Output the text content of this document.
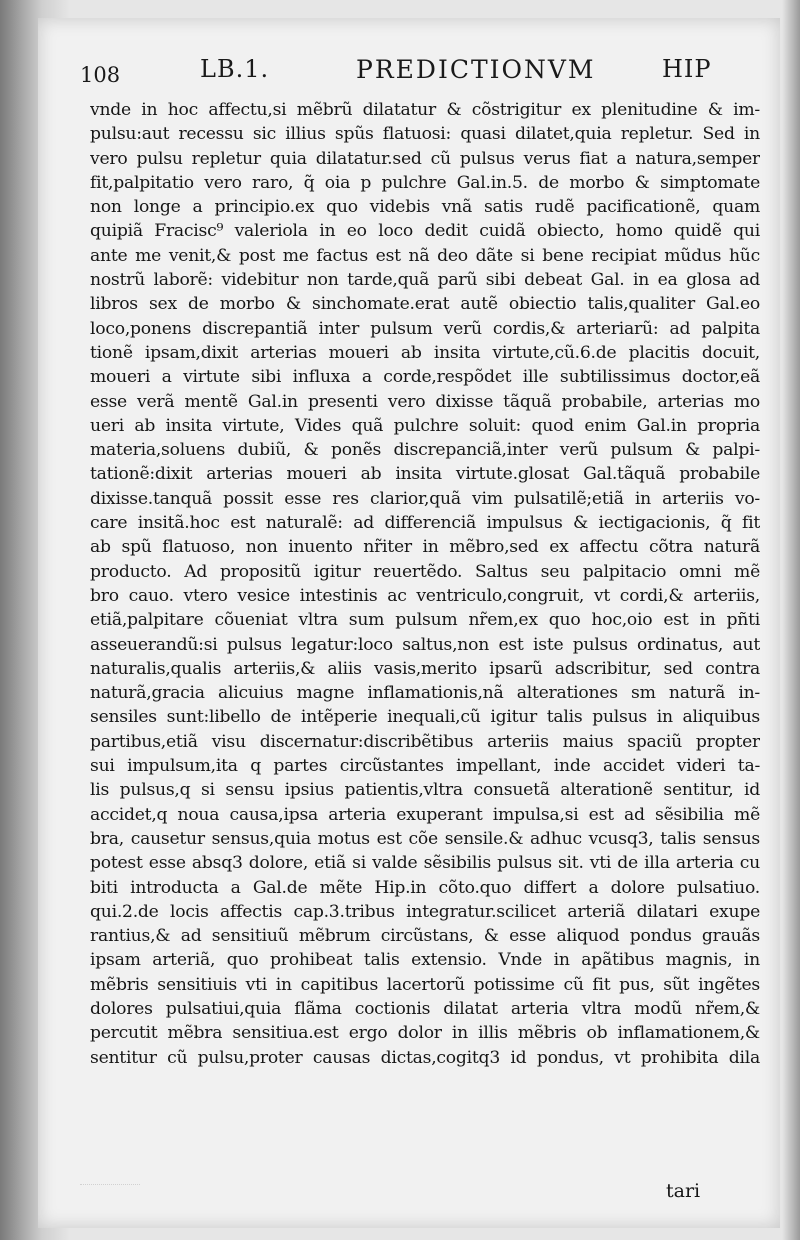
108	LB.1.	PREDICTIONVM	HIP
vnde in hoc affectu,si mẽbrũ dilatatur & cõstrigitur ex plenitudine & im-
pulsu:aut recessu sic illius spũs flatuosi: quasi dilatet,quia repletur. Sed in
vero pulsu repletur quia dilatatur.sed cũ pulsus verus fiat a natura,semper
fit,palpitatio vero raro, q̃ oia p pulchre Gal.in.5. de morbo & simptomate
non longe a principio.ex quo videbis vnã satis rudẽ pacificationẽ, quam
quipiã Fracisc⁹ valeriola in eo loco dedit cuidã obiecto, homo quidẽ qui
ante me venit,& post me factus est nã deo dãte si bene recipiat mũdus hũc
nostrũ laborẽ: videbitur non tarde,quã parũ sibi debeat Gal. in ea glosa ad
libros sex de morbo & sinchomate.erat autẽ obiectio talis,qualiter Gal.eo
loco,ponens discrepantiã inter pulsum verũ cordis,& arteriarũ: ad palpita
tionẽ ipsam,dixit arterias moueri ab insita virtute,cũ.6.de placitis docuit,
moueri a virtute sibi influxa a corde,respõdet ille subtilissimus doctor,eã
esse verã mentẽ Gal.in presenti vero dixisse tãquã probabile, arterias mo
ueri ab insita virtute, Vides quã pulchre soluit: quod enim Gal.in propria
materia,soluens dubiũ, & ponẽs discrepanciã,inter verũ pulsum & palpi-
tationẽ:dixit arterias moueri ab insita virtute.glosat Gal.tãquã probabile
dixisse.tanquã possit esse res clarior,quã vim pulsatilẽ;etiã in arteriis vo-
care insitã.hoc est naturalẽ: ad differenciã impulsus & iectigacionis, q̃ fit
ab spũ flatuoso, non inuento nr̃iter in mẽbro,sed ex affectu cõtra naturã
producto. Ad propositũ igitur reuertẽdo. Saltus seu palpitacio omni mẽ
bro cauo. vtero vesice intestinis ac ventriculo,congruit, vt cordi,& arteriis,
etiã,palpitare cõueniat vltra sum pulsum nr̃em,ex quo hoc,oio est in pñti
asseuerandũ:si pulsus legatur:loco saltus,non est iste pulsus ordinatus, aut
naturalis,qualis arteriis,& aliis vasis,merito ipsarũ adscribitur, sed contra
naturã,gracia alicuius magne inflamationis,nã alterationes sm naturã in-
sensiles sunt:libello de intẽperie inequali,cũ igitur talis pulsus in aliquibus
partibus,etiã visu discernatur:discribẽtibus arteriis maius spaciũ propter
sui impulsum,ita q partes circũstantes impellant, inde accidet videri ta-
lis pulsus,q si sensu ipsius patientis,vltra consuetã alterationẽ sentitur, id
accidet,q noua causa,ipsa arteria exuperant impulsa,si est ad sẽsibilia mẽ
bra, causetur sensus,quia motus est cõe sensile.& adhuc vcusq3, talis sensus
potest esse absq3 dolore, etiã si valde sẽsibilis pulsus sit. vti de illa arteria cu
biti introducta a Gal.de mẽte Hip.in cõto.quo differt a dolore pulsatiuo.
qui.2.de locis affectis cap.3.tribus integratur.scilicet arteriã dilatari exupe
rantius,& ad sensitiuũ mẽbrum circũstans, & esse aliquod pondus grauãs
ipsam arteriã, quo prohibeat talis extensio. Vnde in apãtibus magnis, in
mẽbris sensitiuis vti in capitibus lacertorũ potissime cũ fit pus, sũt ingẽtes
dolores pulsatiui,quia flãma coctionis dilatat arteria vltra modũ nr̃em,&
percutit mẽbra sensitiua.est ergo dolor in illis mẽbris ob inflamationem,&
sentitur cũ pulsu,proter causas dictas,cogitq3 id pondus, vt prohibita dila
tari
